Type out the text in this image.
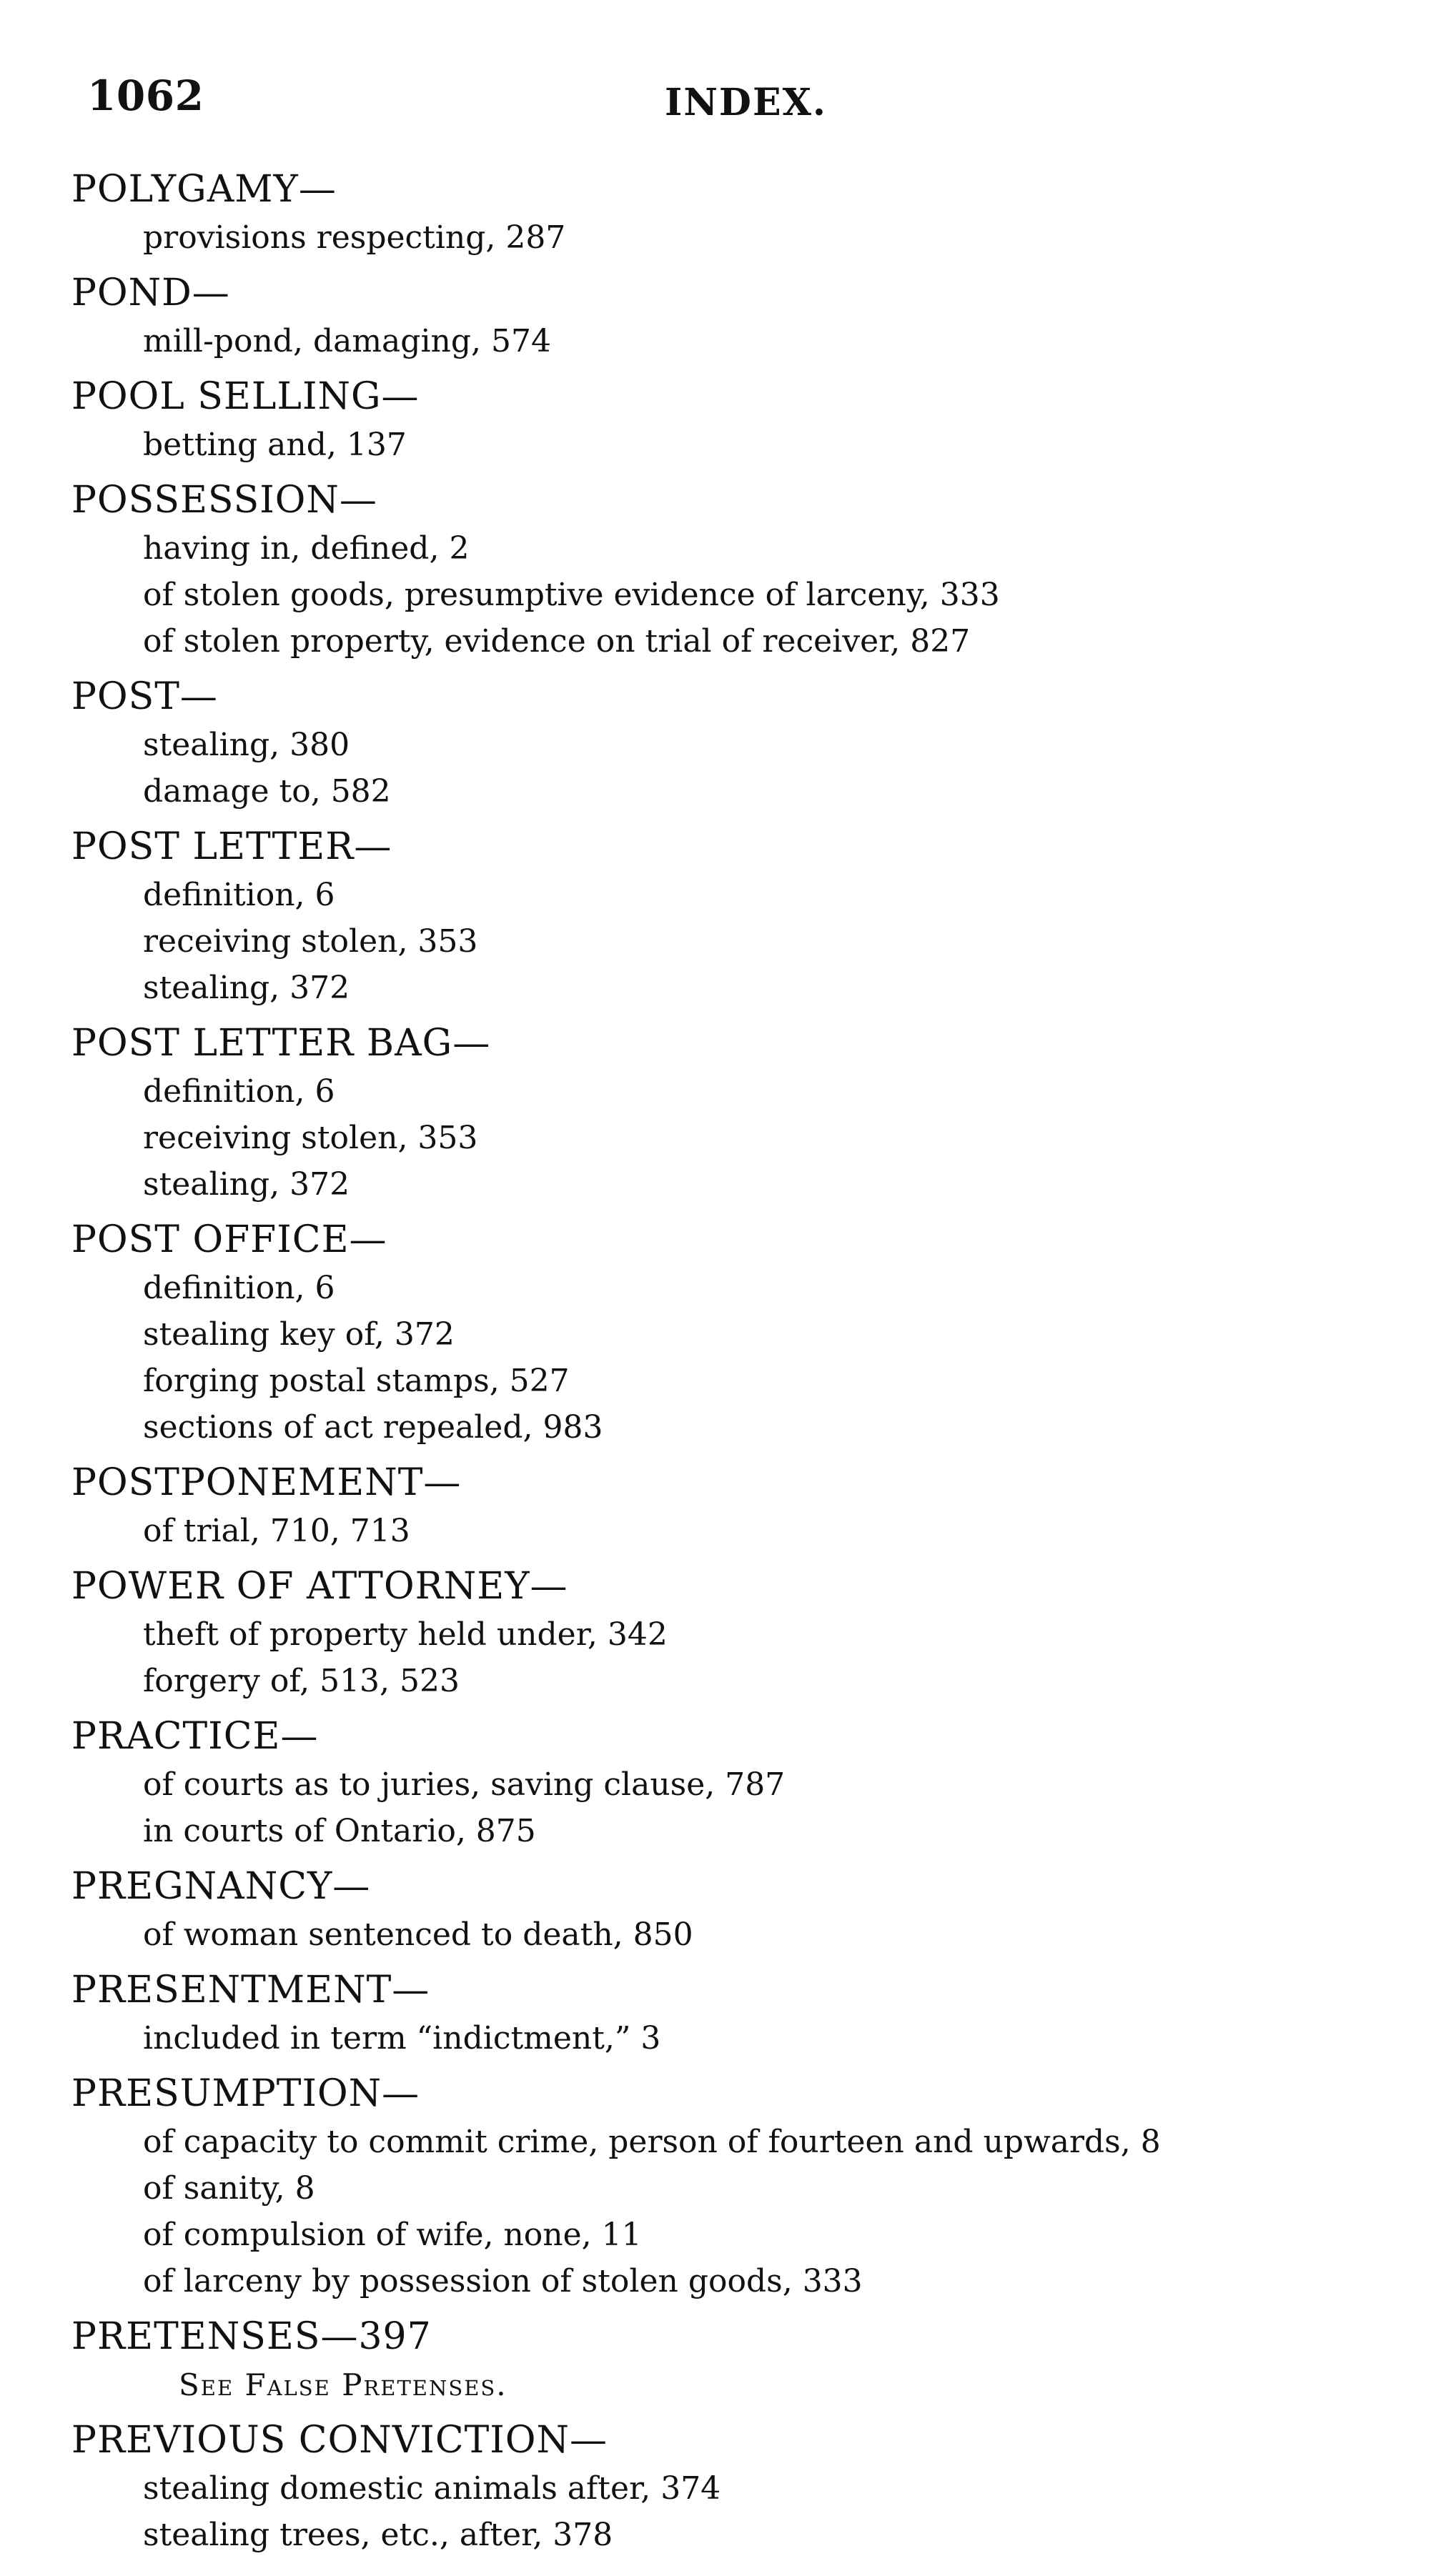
1062	INDEX.
POLYGAMY—
provisions respecting, 287
POND—
mill-pond, damaging, 574
POOL SELLING—
betting and, 137
POSSESSION—
having in, defined, 2
of stolen goods, presumptive evidence of larceny, 333
of stolen property, evidence on trial of receiver, 827
POST—
stealing, 380
damage to, 582
POST LETTER—
definition, 6
receiving stolen, 353
stealing, 372
POST LETTER BAG—
definition, 6
receiving stolen, 353
stealing, 372
POST OFFICE—
definition, 6
stealing key of, 372
forging postal stamps, 527
sections of act repealed, 983
POSTPONEMENT—
of trial, 710, 713
POWER OF ATTORNEY—
theft of property held under, 342
forgery of, 513, 523
PRACTICE—
of courts as to juries, saving clause, 787
in courts of Ontario, 875
PREGNANCY—
of woman sentenced to death, 850
PRESENTMENT—
included in term “indictment,” 3
PRESUMPTION—
of capacity to commit crime, person of fourteen and upwards, 8
of sanity, 8
of compulsion of wife, none, 11
of larceny by possession of stolen goods, 333
PRETENSES—397
See False Pretenses.
PREVIOUS CONVICTION—
stealing domestic animals after, 374
stealing trees, etc., after, 378
